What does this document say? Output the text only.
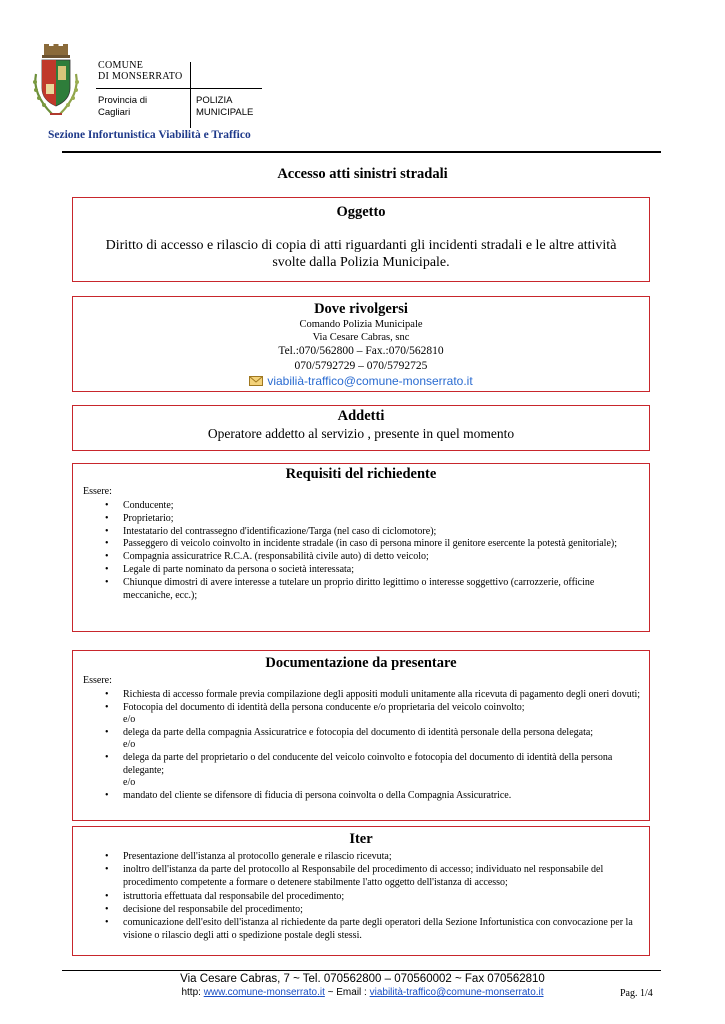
COMUNE
DI MONSERRATO
Provincia di
Cagliari
POLIZIA
MUNICIPALE
Sezione Infortunistica Viabilità e Traffico
Accesso atti sinistri stradali
Oggetto
Diritto di accesso e rilascio di copia di atti riguardanti gli incidenti stradali e le altre attività svolte dalla Polizia Municipale.
Dove rivolgersi
Comando Polizia Municipale
Via Cesare Cabras, snc
Tel.:070/562800 – Fax.:070/562810
070/5792729 – 070/5792725
viabilià-traffico@comune-monserrato.it
Addetti
Operatore addetto al servizio , presente in quel momento
Requisiti del richiedente
Essere:
• Conducente;
• Proprietario;
• Intestatario del contrassegno d'identificazione/Targa (nel caso di ciclomotore);
• Passeggero di veicolo coinvolto in incidente stradale (in caso di persona minore il genitore esercente la potestà genitoriale);
• Compagnia assicuratrice R.C.A. (responsabilità civile auto) di detto veicolo;
• Legale di parte nominato da persona o società interessata;
• Chiunque dimostri di avere interesse a tutelare un proprio diritto legittimo o interesse soggettivo (carrozzerie, officine meccaniche, ecc.);
Documentazione da presentare
Essere:
• Richiesta di accesso formale previa compilazione degli appositi moduli unitamente alla ricevuta di pagamento degli oneri dovuti;
• Fotocopia del documento di identità della persona conducente e/o proprietaria del veicolo coinvolto;
e/o
• delega da parte della compagnia Assicuratrice e fotocopia del documento di identità personale della persona delegata;
e/o
• delega da parte del proprietario o del conducente del veicolo coinvolto e fotocopia del documento di identità della persona delegante;
e/o
• mandato del cliente se difensore di fiducia di persona coinvolta o della Compagnia Assicuratrice.
Iter
• Presentazione dell'istanza al protocollo generale e rilascio ricevuta;
• inoltro dell'istanza da parte del protocollo al Responsabile del procedimento di accesso; individuato nel responsabile del procedimento competente a formare o detenere stabilmente l'atto oggetto dell'istanza di accesso;
• istruttoria effettuata dal responsabile del procedimento;
• decisione del responsabile del procedimento;
• comunicazione dell'esito dell'istanza al richiedente da parte degli operatori della Sezione Infortunistica con convocazione per la visione o rilascio degli atti o spedizione postale degli stessi.
Via Cesare Cabras, 7 ~ Tel. 070562800 – 070560002 ~ Fax 070562810
http: www.comune-monserrato.it ~ Email : viabilità-traffico@comune-monserrato.it	Pag. 1/4
